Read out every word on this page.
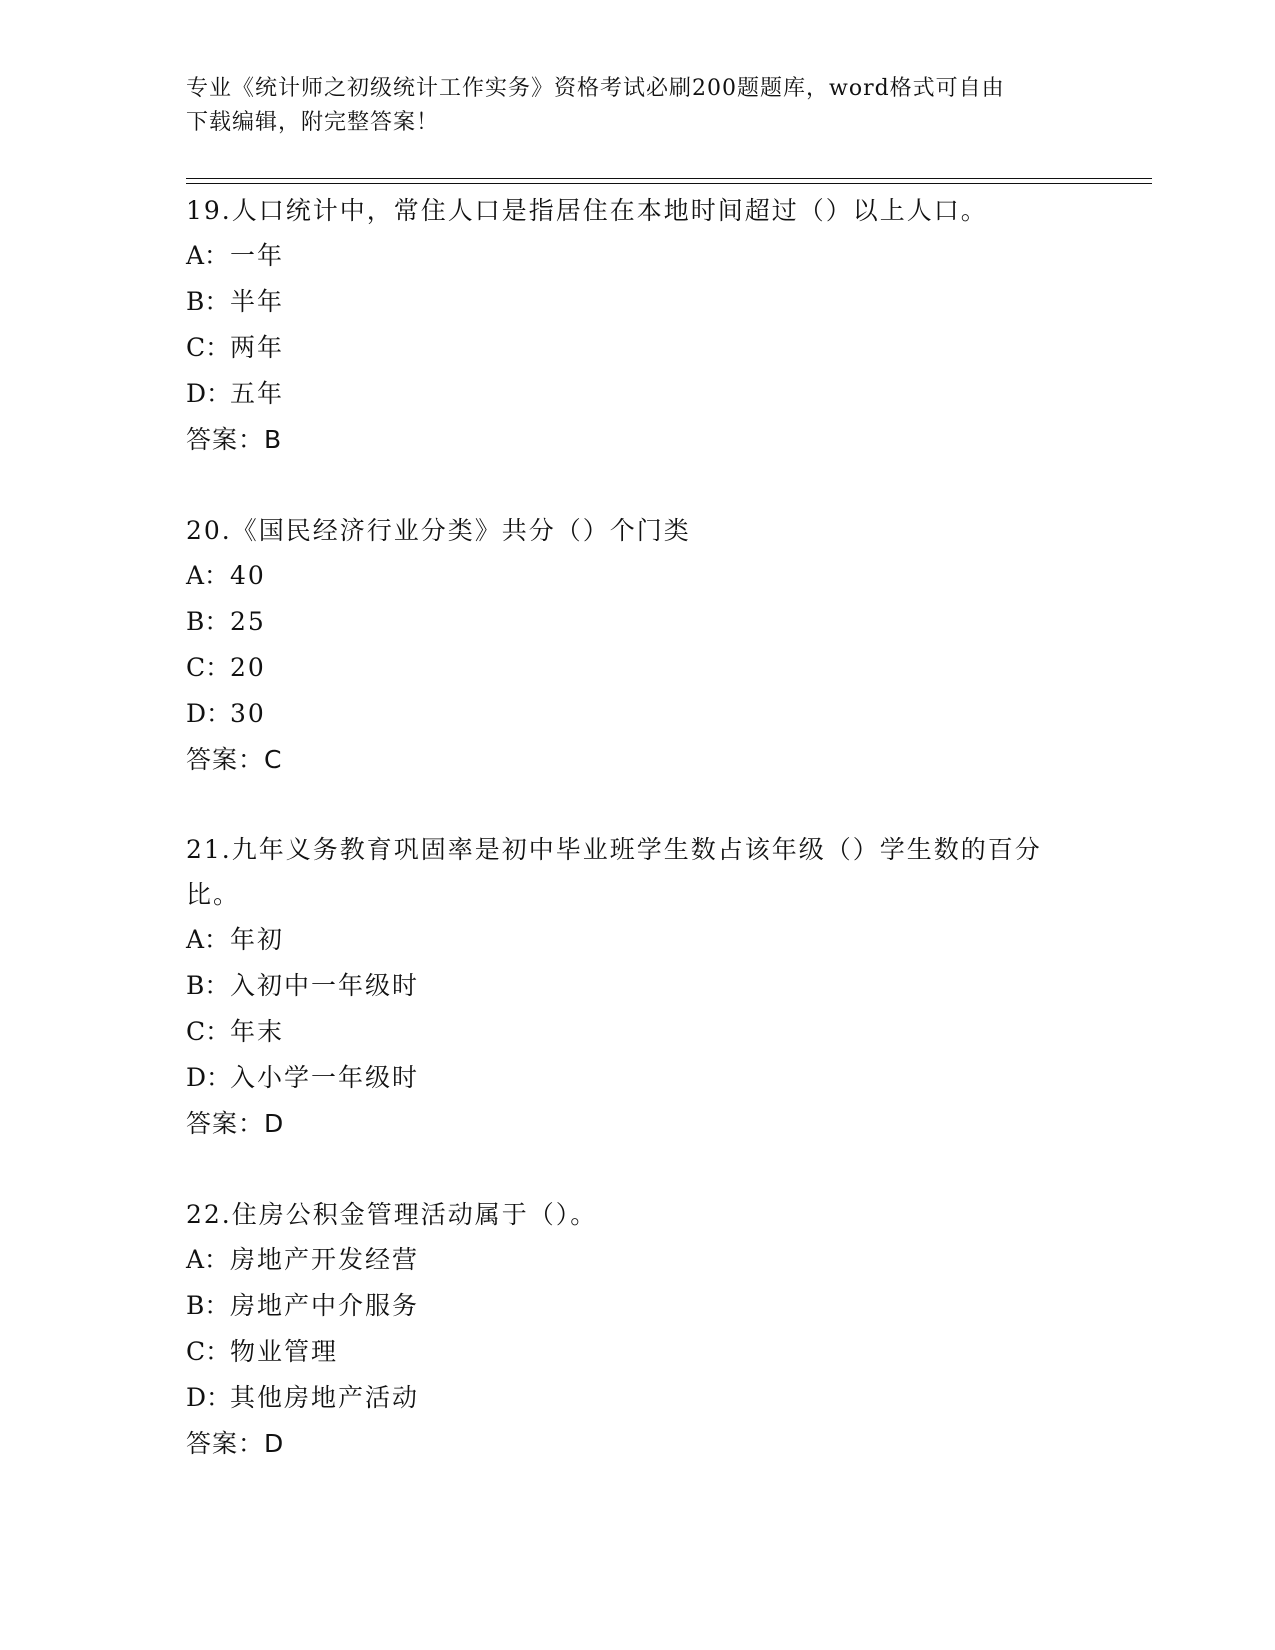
专业《统计师之初级统计工作实务》资格考试必刷200题题库，word格式可自由
下载编辑，附完整答案！

19.人口统计中，常住人口是指居住在本地时间超过（）以上人口。

A：一年

B：半年

C：两年

D：五年

答案：B

20.《国民经济行业分类》共分（）个门类

A：40

B：25

C：20

D：30

答案：C

21.九年义务教育巩固率是初中毕业班学生数占该年级（）学生数的百分比。

A：年初

B：入初中一年级时

C：年末

D：入小学一年级时

答案：D

22.住房公积金管理活动属于（）。

A：房地产开发经营

B：房地产中介服务

C：物业管理

D：其他房地产活动

答案：D
